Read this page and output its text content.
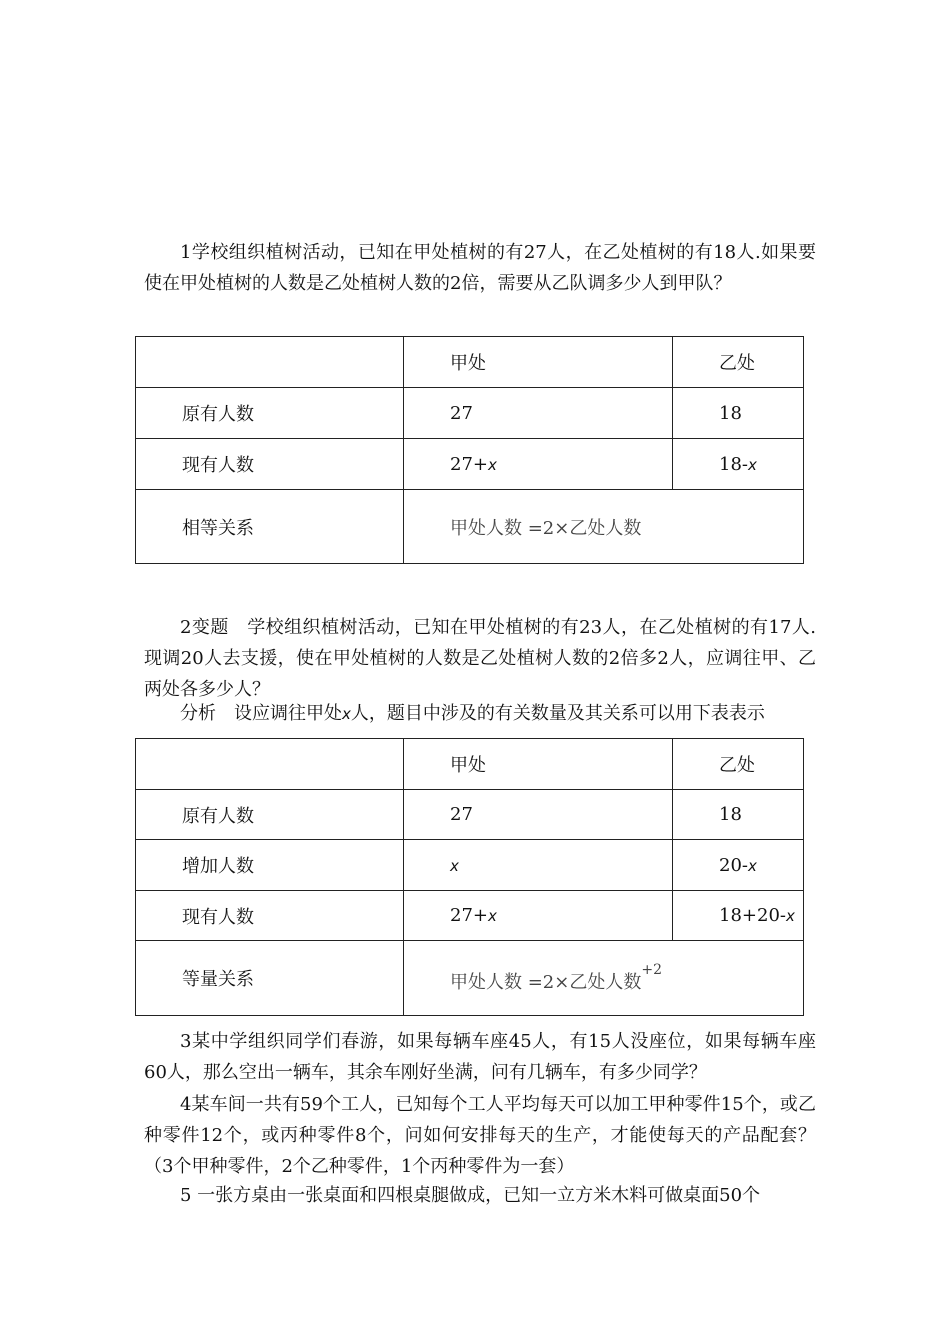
1学校组织植树活动，已知在甲处植树的有27人，在乙处植树的有18人.如果要使在甲处植树的人数是乙处植树人数的2倍，需要从乙队调多少人到甲队？

	甲处	乙处
原有人数	27	18
现有人数	27+x	18-x
相等关系	甲处人数 =2×乙处人数	

2变题　学校组织植树活动，已知在甲处植树的有23人，在乙处植树的有17人.现调20人去支援，使在甲处植树的人数是乙处植树人数的2倍多2人，应调往甲、乙两处各多少人？

分析　设应调往甲处x人，题目中涉及的有关数量及其关系可以用下表表示

	甲处	乙处
原有人数	27	18
增加人数	x	20-x
现有人数	27+x	18+20-x
等量关系	甲处人数 =2×乙处人数$^{+2}$

3某中学组织同学们春游，如果每辆车座45人，有15人没座位，如果每辆车座60人，那么空出一辆车，其余车刚好坐满，问有几辆车，有多少同学？

4某车间一共有59个工人，已知每个工人平均每天可以加工甲种零件15个，或乙种零件12个，或丙种零件8个，问如何安排每天的生产，才能使每天的产品配套？（3个甲种零件，2个乙种零件，1个丙种零件为一套）

5 一张方桌由一张桌面和四根桌腿做成，已知一立方米木料可做桌面50个
